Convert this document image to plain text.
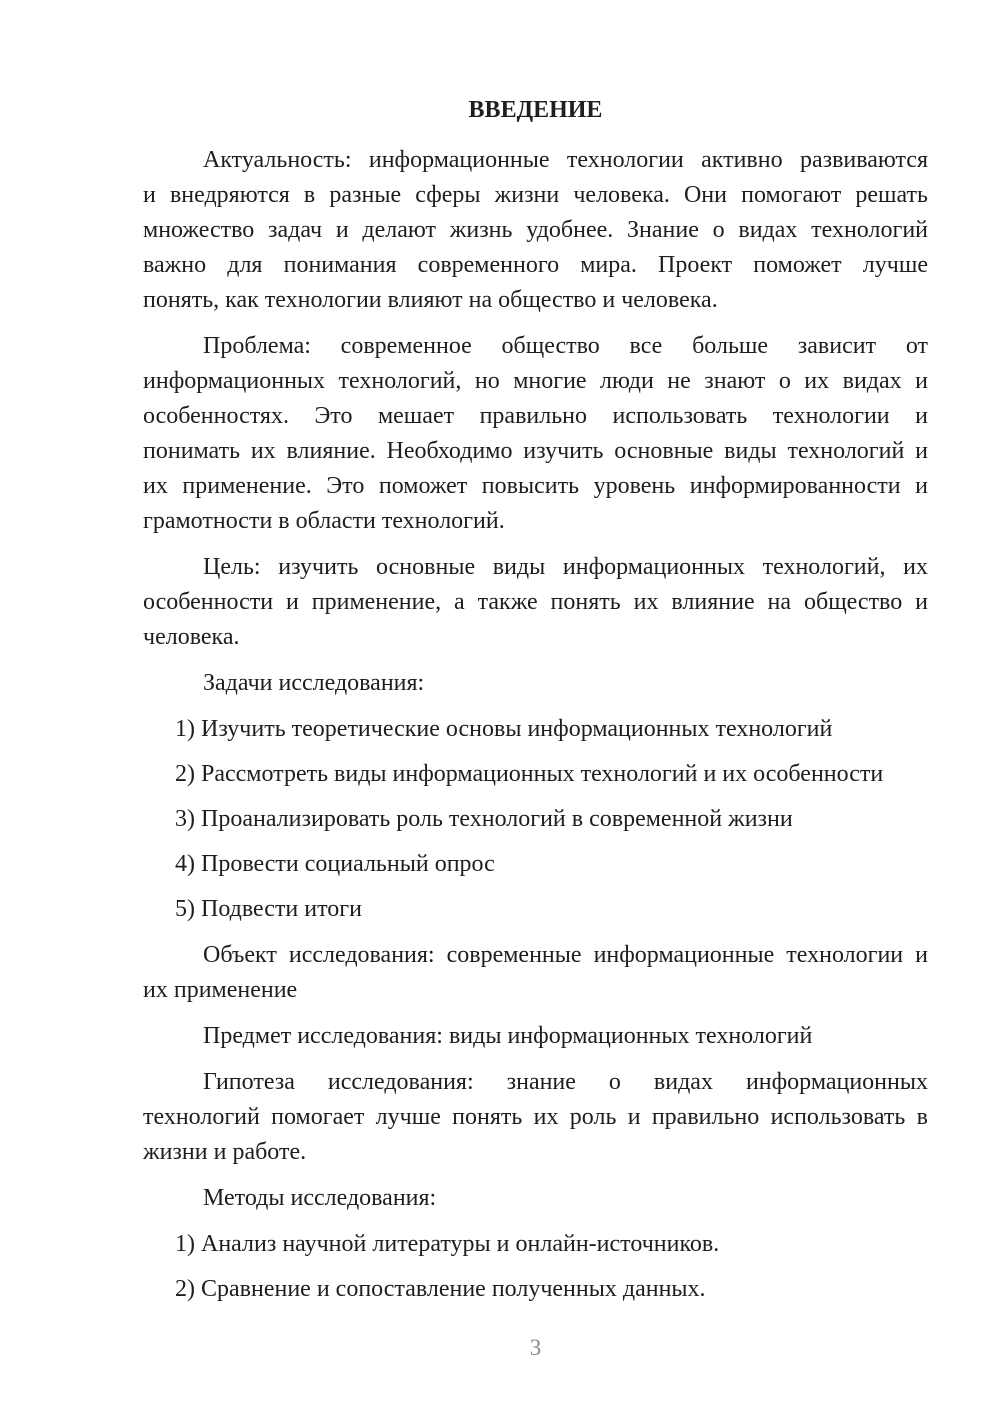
ВВЕДЕНИЕ
Актуальность: информационные технологии активно развиваются
и внедряются в разные сферы жизни человека. Они помогают решать
множество задач и делают жизнь удобнее. Знание о видах технологий
важно для понимания современного мира. Проект поможет лучше
понять, как технологии влияют на общество и человека.
Проблема: современное общество все больше зависит от
информационных технологий, но многие люди не знают о их видах и
особенностях. Это мешает правильно использовать технологии и
понимать их влияние. Необходимо изучить основные виды технологий и
их применение. Это поможет повысить уровень информированности и
грамотности в области технологий.
Цель: изучить основные виды информационных технологий, их
особенности и применение, а также понять их влияние на общество и
человека.
Задачи исследования:
1) Изучить теоретические основы информационных технологий
2) Рассмотреть виды информационных технологий и их особенности
3) Проанализировать роль технологий в современной жизни
4) Провести социальный опрос
5) Подвести итоги
Объект исследования: современные информационные технологии и
их применение
Предмет исследования: виды информационных технологий
Гипотеза исследования: знание о видах информационных
технологий помогает лучше понять их роль и правильно использовать в
жизни и работе.
Методы исследования:
1) Анализ научной литературы и онлайн-источников.
2) Сравнение и сопоставление полученных данных.
3
